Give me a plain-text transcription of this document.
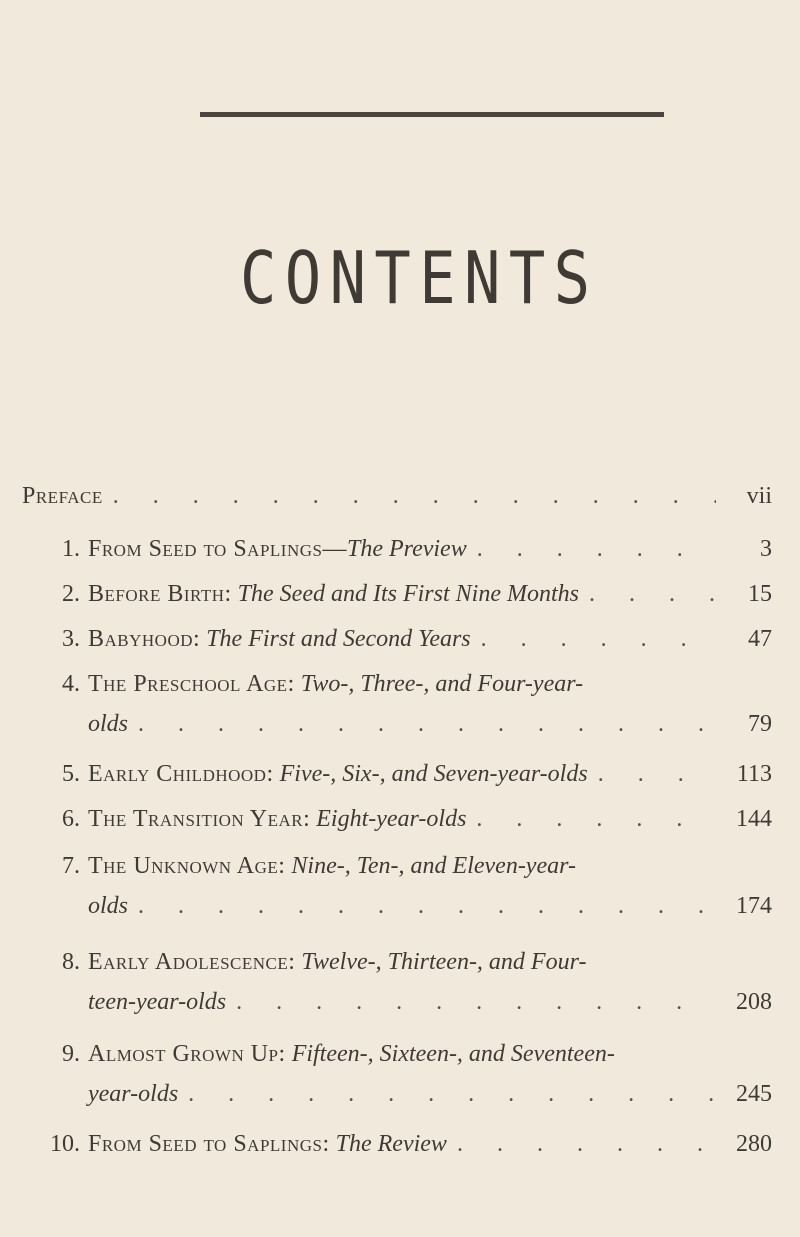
CONTENTS
Preface . . .	vii
1. From Seed to Saplings—The Preview . . .	3
2. Before Birth: The Seed and Its First Nine Months . . .	15
3. Babyhood: The First and Second Years . . .	47
4. The Preschool Age: Two-, Three-, and Four-year-
olds . . .	79
5. Early Childhood: Five-, Six-, and Seven-year-olds . . .	113
6. The Transition Year: Eight-year-olds . . .	144
7. The Unknown Age: Nine-, Ten-, and Eleven-year-
olds . . .	174
8. Early Adolescence: Twelve-, Thirteen-, and Four-
teen-year-olds . . .	208
9. Almost Grown Up: Fifteen-, Sixteen-, and Seventeen-
year-olds . . .	245
10. From Seed to Saplings: The Review . . .	280
